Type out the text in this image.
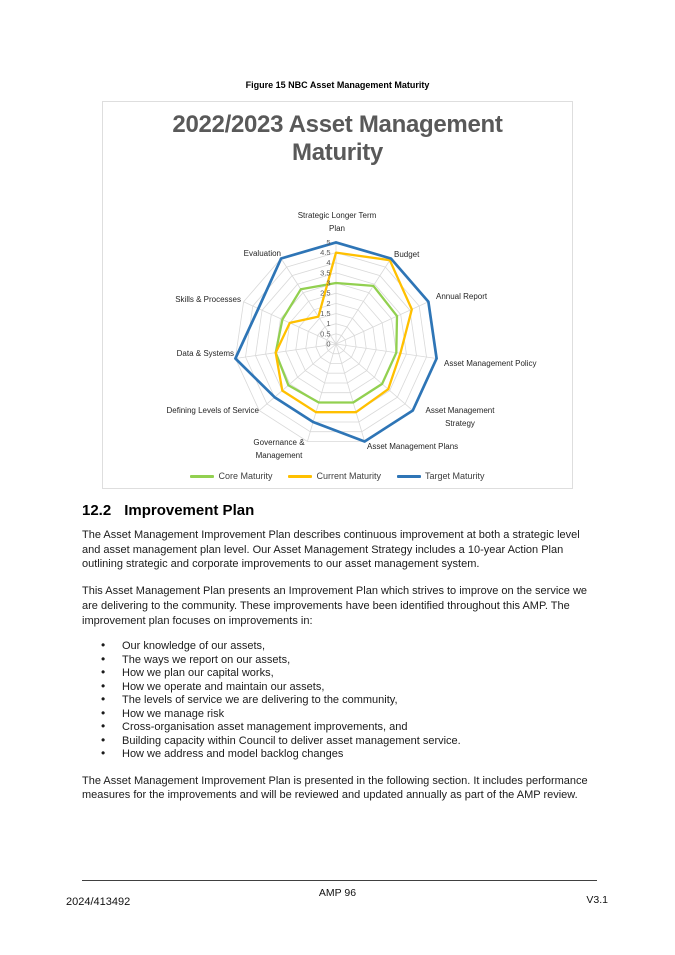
Figure 15 NBC Asset Management Maturity
0
0.5
1
1.5
2
2.5
3
3.5
4
4.5
5
Strategic Longer Term
Plan
Budget
Annual Report
Asset Management Policy
Asset Management
Strategy
Asset Management Plans
Governance &
Management
Defining Levels of Service
Data & Systems
Skills & Processes
Evaluation
2022/2023 Asset Management
Maturity
Core Maturity	Current Maturity	Target Maturity
12.2 Improvement Plan

The Asset Management Improvement Plan describes continuous improvement at both a strategic level and asset management plan level. Our Asset Management Strategy includes a 10-year Action Plan outlining strategic and corporate improvements to our asset management system.

This Asset Management Plan presents an Improvement Plan which strives to improve on the service we are delivering to the community. These improvements have been identified throughout this AMP. The improvement plan focuses on improvements in:

• Our knowledge of our assets,
• The ways we report on our assets,
• How we plan our capital works,
• How we operate and maintain our assets,
• The levels of service we are delivering to the community,
• How we manage risk
• Cross-organisation asset management improvements, and
• Building capacity within Council to deliver asset management service.
• How we address and model backlog changes

The Asset Management Improvement Plan is presented in the following section. It includes performance measures for the improvements and will be reviewed and updated annually as part of the AMP review.

2024/413492
AMP 96
V3.1
